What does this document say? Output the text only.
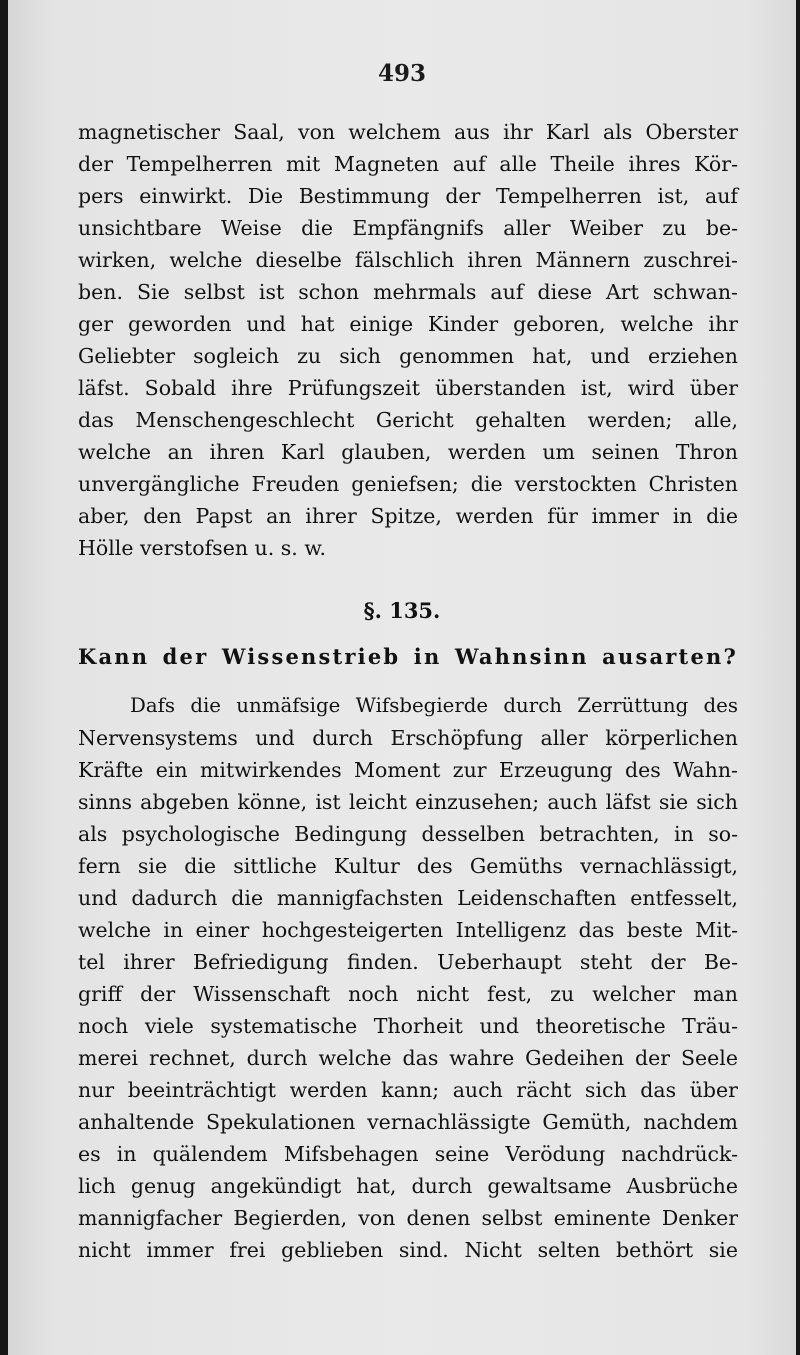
493
magnetischer Saal, von welchem aus ihr Karl als Oberster
der Tempelherren mit Magneten auf alle Theile ihres Kör-
pers einwirkt. Die Bestimmung der Tempelherren ist, auf
unsichtbare Weise die Empfängnifs aller Weiber zu be-
wirken, welche dieselbe fälschlich ihren Männern zuschrei-
ben. Sie selbst ist schon mehrmals auf diese Art schwan-
ger geworden und hat einige Kinder geboren, welche ihr
Geliebter sogleich zu sich genommen hat, und erziehen
läfst. Sobald ihre Prüfungszeit überstanden ist, wird über
das Menschengeschlecht Gericht gehalten werden; alle,
welche an ihren Karl glauben, werden um seinen Thron
unvergängliche Freuden geniefsen; die verstockten Christen
aber, den Papst an ihrer Spitze, werden für immer in die
Hölle verstofsen u. s. w.
§. 135.
Kann der Wissenstrieb in Wahnsinn ausarten?
Dafs die unmäfsige Wifsbegierde durch Zerrüttung des
Nervensystems und durch Erschöpfung aller körperlichen
Kräfte ein mitwirkendes Moment zur Erzeugung des Wahn-
sinns abgeben könne, ist leicht einzusehen; auch läfst sie sich
als psychologische Bedingung desselben betrachten, in so-
fern sie die sittliche Kultur des Gemüths vernachlässigt,
und dadurch die mannigfachsten Leidenschaften entfesselt,
welche in einer hochgesteigerten Intelligenz das beste Mit-
tel ihrer Befriedigung finden. Ueberhaupt steht der Be-
griff der Wissenschaft noch nicht fest, zu welcher man
noch viele systematische Thorheit und theoretische Träu-
merei rechnet, durch welche das wahre Gedeihen der Seele
nur beeinträchtigt werden kann; auch rächt sich das über
anhaltende Spekulationen vernachlässigte Gemüth, nachdem
es in quälendem Mifsbehagen seine Verödung nachdrück-
lich genug angekündigt hat, durch gewaltsame Ausbrüche
mannigfacher Begierden, von denen selbst eminente Denker
nicht immer frei geblieben sind. Nicht selten bethört sie
